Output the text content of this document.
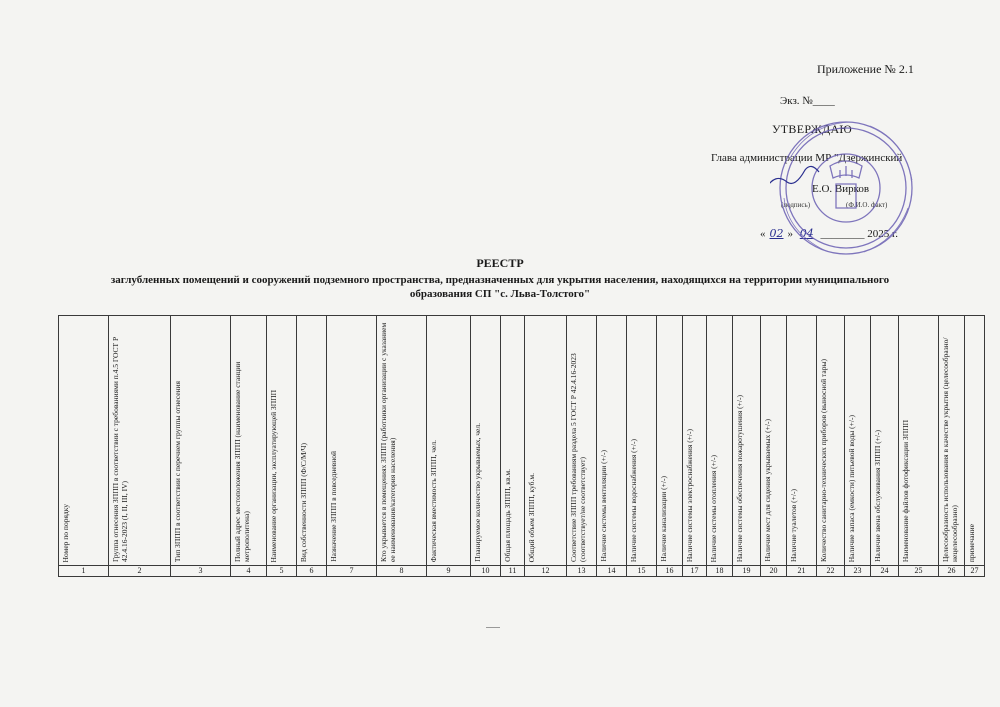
Приложение № 2.1
Экз. №____
УТВЕРЖДАЮ
Глава администрации МР "Дзержинский
Е.О. Вирков
(подпись)	(Ф.И.О. факт)
« 02 » 04 ________ 2025 г.
РЕЕСТР
заглубленных помещений и сооружений подземного пространства, предназначенных для укрытия населения, находящихся на территории муниципального
образования СП "с. Льва-Толстого"
Номер по порядку	Группа отнесения ЗППП в соответствии с требованиями п.4.5 ГОСТ Р 42.4.16-2023 (I, II, III, IV)	Тип ЗППП в соответствии с перечнем группы отнесения	Полный адрес местоположения ЗППП (наименование станции метрополитена)	Наименование организации, эксплуатирующей ЗППП	Вид собственности ЗППП (Ф/С/М/Ч)	Назначение ЗППП в повседневной	Кто укрывается в помещениях ЗППП (работники организации с указанием ее наименования/категория населения)	Фактическая вместимость ЗППП, чел.	Планируемое количество укрываемых, чел.	Общая площадь ЗППП, кв.м.	Общий объем ЗППП, куб.м.	Соответствие ЗППП требованиям раздела 5 ГОСТ Р 42.4.16-2023 (соответствует/не соответствует)	Наличие системы вентиляции (+/-)	Наличие системы водоснабжения (+/-)	Наличие канализации (+/-)	Наличие системы электроснабжения (+/-)	Наличие системы отопления (+/-)	Наличие системы обеспечения пожаротушения (+/-)	Наличие мест для сидения укрываемых (+/-)	Наличие туалетов (+/-)	Количество санитарно-технических приборов (выносной тары)	Наличие запаса (емкости) питьевой воды (+/-)	Наличие звена обслуживания ЗППП (+/-)	Наименование файлов фотофиксации ЗППП	Целесообразность использования в качестве укрытия (целесообразно/нецелесообразно)	примечание

1	2	3	4	5	6	7	8	9	10	11	12	13	14	15	16	17	18	19	20	21	22	23	24	25	26	27
